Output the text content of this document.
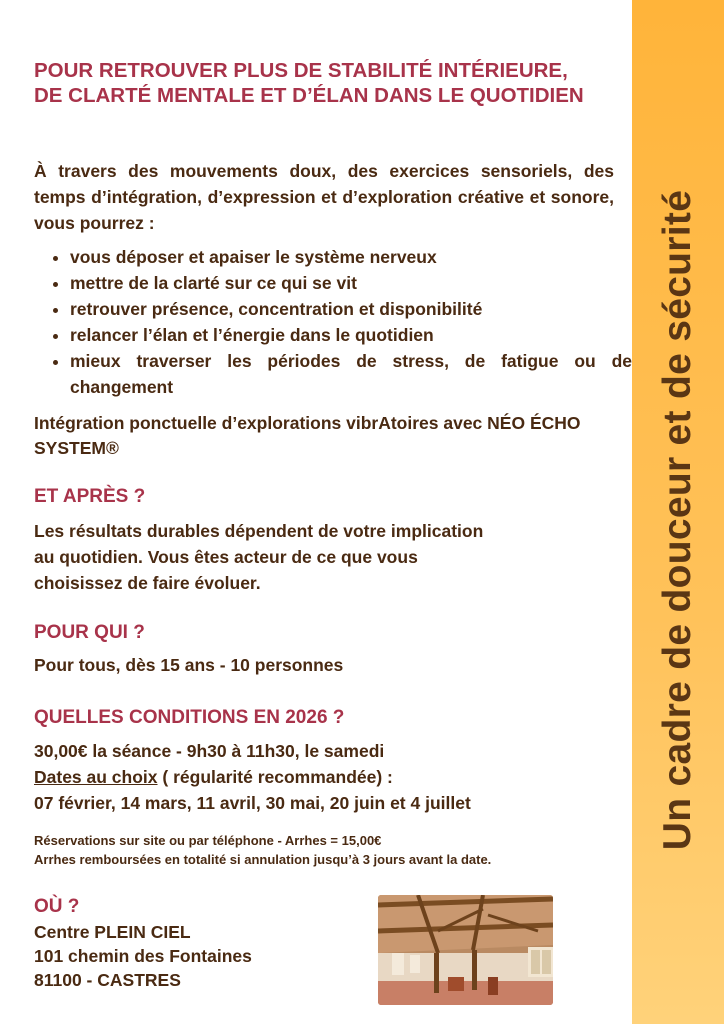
POUR RETROUVER PLUS DE STABILITÉ INTÉRIEURE, DE CLARTÉ MENTALE ET D’ÉLAN DANS LE QUOTIDIEN

À travers des mouvements doux, des exercices sensoriels, des temps d’intégration, d’expression et d’exploration créative et sonore, vous pourrez :

• vous déposer et apaiser le système nerveux
• mettre de la clarté sur ce qui se vit
• retrouver présence, concentration et disponibilité
• relancer l’élan et l’énergie dans le quotidien
• mieux traverser les périodes de stress, de fatigue ou de changement

Intégration ponctuelle d’explorations vibrAtoires avec NÉO ÉCHO SYSTEM®

ET APRÈS ?

Les résultats durables dépendent de votre implication
au quotidien. Vous êtes acteur de ce que vous
choisissez de faire évoluer.

POUR QUI ?

Pour tous, dès 15 ans - 10 personnes

QUELLES CONDITIONS EN 2026 ?

30,00€ la séance - 9h30 à 11h30, le samedi

Dates au choix ( régularité recommandée) :

07 février, 14 mars, 11 avril, 30 mai, 20 juin et 4 juillet

Réservations sur site ou par téléphone - Arrhes = 15,00€

Arrhes remboursées en totalité si annulation jusqu’à 3 jours avant la date.

OÙ ?

Centre PLEIN CIEL
101 chemin des Fontaines
81100 - CASTRES

Un cadre de douceur et de sécurité
